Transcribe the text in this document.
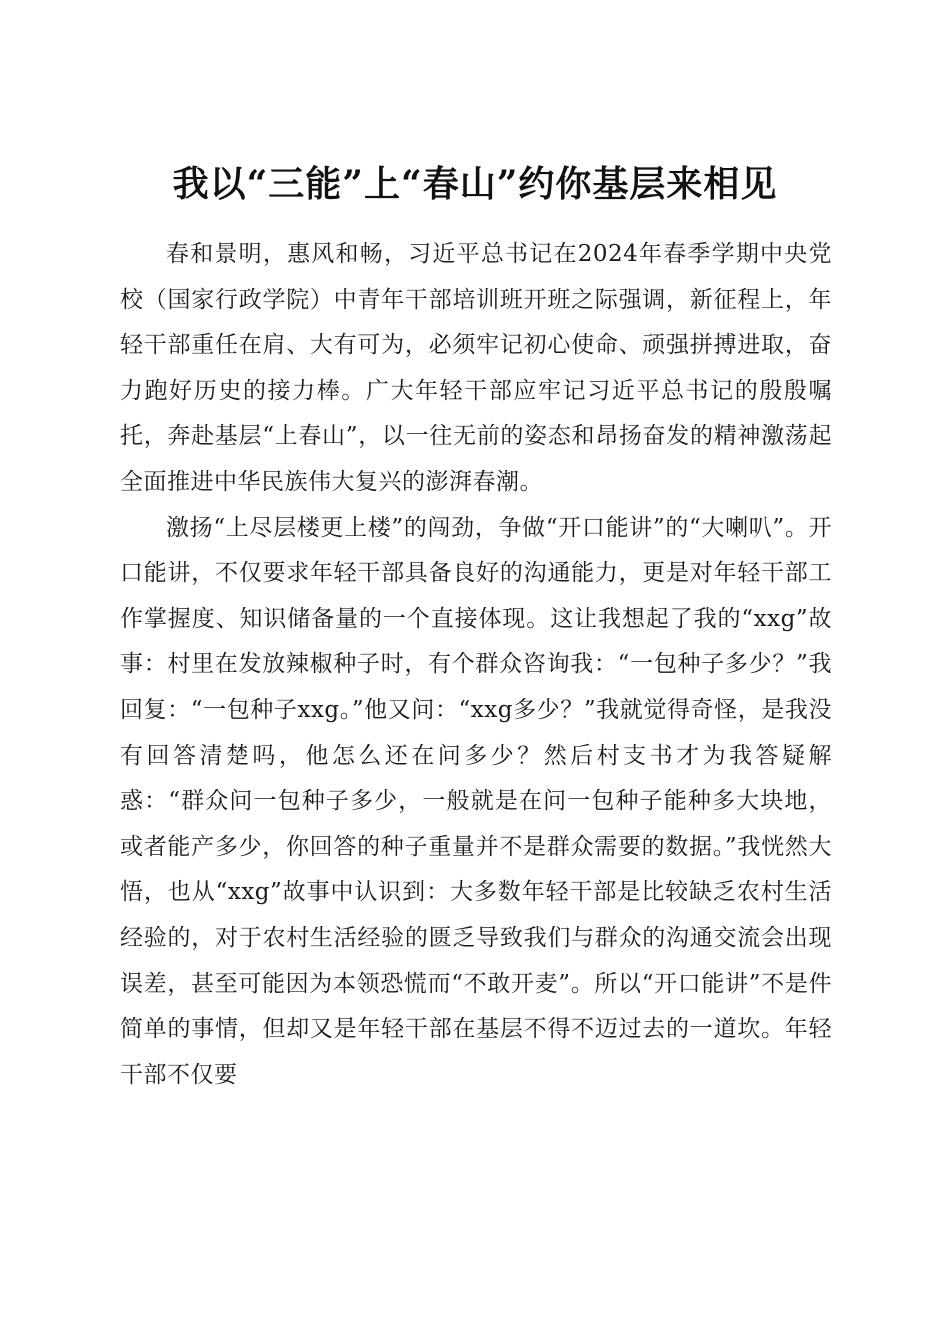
我以“三能”上“春山”约你基层来相见

春和景明，惠风和畅，习近平总书记在2024年春季学期中央党校（国家行政学院）中青年干部培训班开班之际强调，新征程上，年轻干部重任在肩、大有可为，必须牢记初心使命、顽强拼搏进取，奋力跑好历史的接力棒。广大年轻干部应牢记习近平总书记的殷殷嘱托，奔赴基层“上春山”，以一往无前的姿态和昂扬奋发的精神激荡起全面推进中华民族伟大复兴的澎湃春潮。

激扬“上尽层楼更上楼”的闯劲，争做“开口能讲”的“大喇叭”。开口能讲，不仅要求年轻干部具备良好的沟通能力，更是对年轻干部工作掌握度、知识储备量的一个直接体现。这让我想起了我的“xxg”故事：村里在发放辣椒种子时，有个群众咨询我：“一包种子多少？”我回复：“一包种子xxg。”他又问：“xxg多少？”我就觉得奇怪，是我没有回答清楚吗，他怎么还在问多少？然后村支书才为我答疑解惑：“群众问一包种子多少，一般就是在问一包种子能种多大块地，或者能产多少，你回答的种子重量并不是群众需要的数据。”我恍然大悟，也从“xxg”故事中认识到：大多数年轻干部是比较缺乏农村生活经验的，对于农村生活经验的匮乏导致我们与群众的沟通交流会出现误差，甚至可能因为本领恐慌而“不敢开麦”。所以“开口能讲”不是件简单的事情，但却又是年轻干部在基层不得不迈过去的一道坎。年轻干部不仅要
